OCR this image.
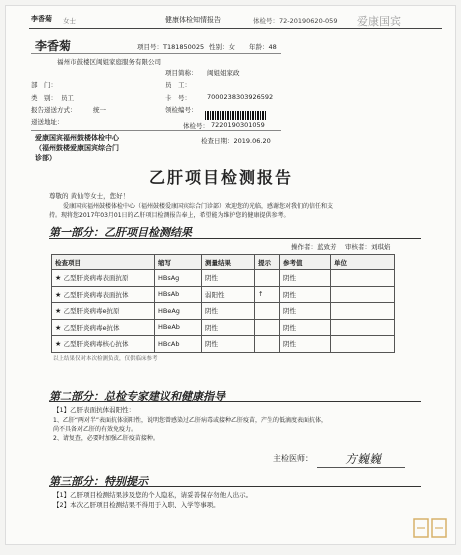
李香菊 女士	健康体检知情报告	体检号：72-20190620-059 爱康国宾
李香菊	项目号：T181850025 性别：女 年龄：48
福州市鼓楼区闽姐家庭服务有限公司
项目简称： 闽姐姐家政
部　门：	员　工：
类　别： 员工	卡　号： 7000238303926592
报告递送方式：	统一	领检编号：
递送地址：	体检号： 7220190301059
爱康国宾福州鼓楼体检中心
（福州鼓楼爱康国宾综合门
诊部）
检查日期：2019.06.20
乙肝项目检测报告
尊敬的 黄仙等女士，您好！
爱康国宾福州鼓楼体检中心（福州鼓楼爱康国宾综合门诊部）欢迎您的光临，感谢您对我们的信任和支
持。现将您2017年03月01日的乙肝项目检测报告奉上，希望能为维护您的健康提供参考。
第一部分：乙肝项目检测结果
操作者：蓝致芳 审核者：刘琪焰
检查项目	缩写	测量结果	提示	参考值	单位
★ 乙型肝炎病毒表面抗原	HBsAg	阴性		阴性	
★ 乙型肝炎病毒表面抗体	HBsAb	弱阳性	↑	阴性	
★ 乙型肝炎病毒e抗原	HBeAg	阴性		阴性	
★ 乙型肝炎病毒e抗体	HBeAb	阴性		阴性	
★ 乙型肝炎病毒核心抗体	HBcAb	阴性		阴性	
以上结果仅对本次检测负责，仅供临床参考
第二部分：总检专家建议和健康指导
【1】乙肝表面抗体弱阳性：
1、乙肝“两对半”表面抗体弱阳性，说明您曾感染过乙肝病毒或接种乙肝疫苗，产生的低滴度表面抗体，
尚不具备对乙肝的有效免疫力。
2、请复查，必要时加强乙肝疫苗接种。
主检医师：	方巍巍
第三部分：特别提示
【1】乙肝项目检测结果涉及您的个人隐私，请妥善保存勿他人出示。
【2】本次乙肝项目检测结果不得用于入职、入学等事项。
